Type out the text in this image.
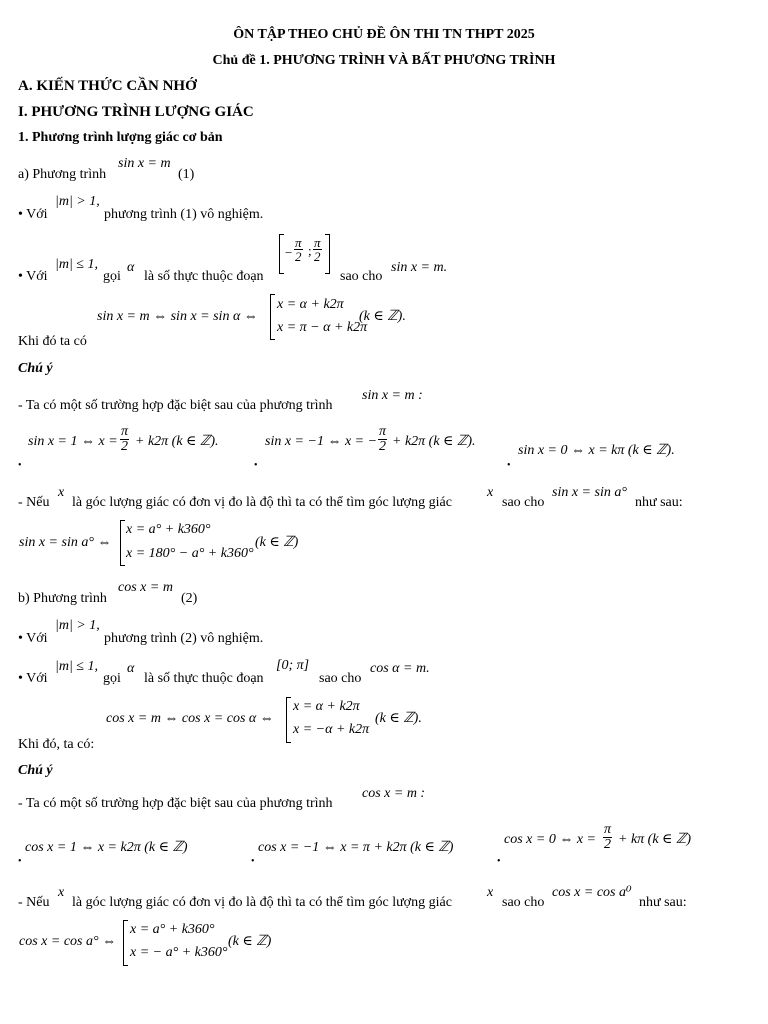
ÔN TẬP THEO CHỦ ĐỀ ÔN THI TN THPT 2025
Chủ đề 1. PHƯƠNG TRÌNH VÀ BẤT PHƯƠNG TRÌNH
A. KIẾN THỨC CẦN NHỚ
I. PHƯƠNG TRÌNH LƯỢNG GIÁC
1. Phương trình lượng giác cơ bản
a) Phương trình
sin x = m
(1)
• Với
|m| > 1,
phương trình (1) vô nghiệm.
• Với
|m| ≤ 1,
gọi
α
là số thực thuộc đoạn
− $\frac{\pi}{2}$ ; $\frac{\pi}{2}$
sao cho
sin x = m.
sin x = m ⇔ sin x = sin α ⇔
x = α + k2π
x = π − α + k2π
(k ∈ ℤ).
Khi đó ta có
Chú ý
- Ta có một số trường hợp đặc biệt sau của phương trình
sin x = m :
•
sin x = 1 ⇔ $x = \frac{\pi}{2} + k2\pi$ (k ∈ ℤ).
•
sin x = −1 ⇔ x = − $\frac{\pi}{2} + k2\pi$ (k ∈ ℤ).
•
sin x = 0 ⇔ x = kπ (k ∈ ℤ).
- Nếu
x
là góc lượng giác có đơn vị đo là độ thì ta có thể tìm góc lượng giác
x
sao cho
sin x = sin a°
như sau:
sin x = sin a° ⇔
x = a° + k360°
x = 180° − a° + k360°
(k ∈ ℤ)
b) Phương trình
cos x = m
(2)
• Với
|m| > 1,
phương trình (2) vô nghiệm.
• Với
|m| ≤ 1,
gọi
α
là số thực thuộc đoạn
[0; π]
sao cho
cos α = m.
cos x = m ⇔ cos x = cos α ⇔
x = α + k2π
x = −α + k2π
(k ∈ ℤ).
Khi đó, ta có:
Chú ý
- Ta có một số trường hợp đặc biệt sau của phương trình
cos x = m :
•
cos x = 1 ⇔ x = k2π (k ∈ ℤ)
•
cos x = −1 ⇔ x = π + k2π (k ∈ ℤ)
•
cos x = 0 ⇔ $x = \frac{\pi}{2} + k\pi$ (k ∈ ℤ)
- Nếu
x
là góc lượng giác có đơn vị đo là độ thì ta có thể tìm góc lượng giác
x
sao cho
cos x = cos a⁰
như sau:
cos x = cos a° ⇔
x = a° + k360°
x = − a° + k360°
(k ∈ ℤ)
